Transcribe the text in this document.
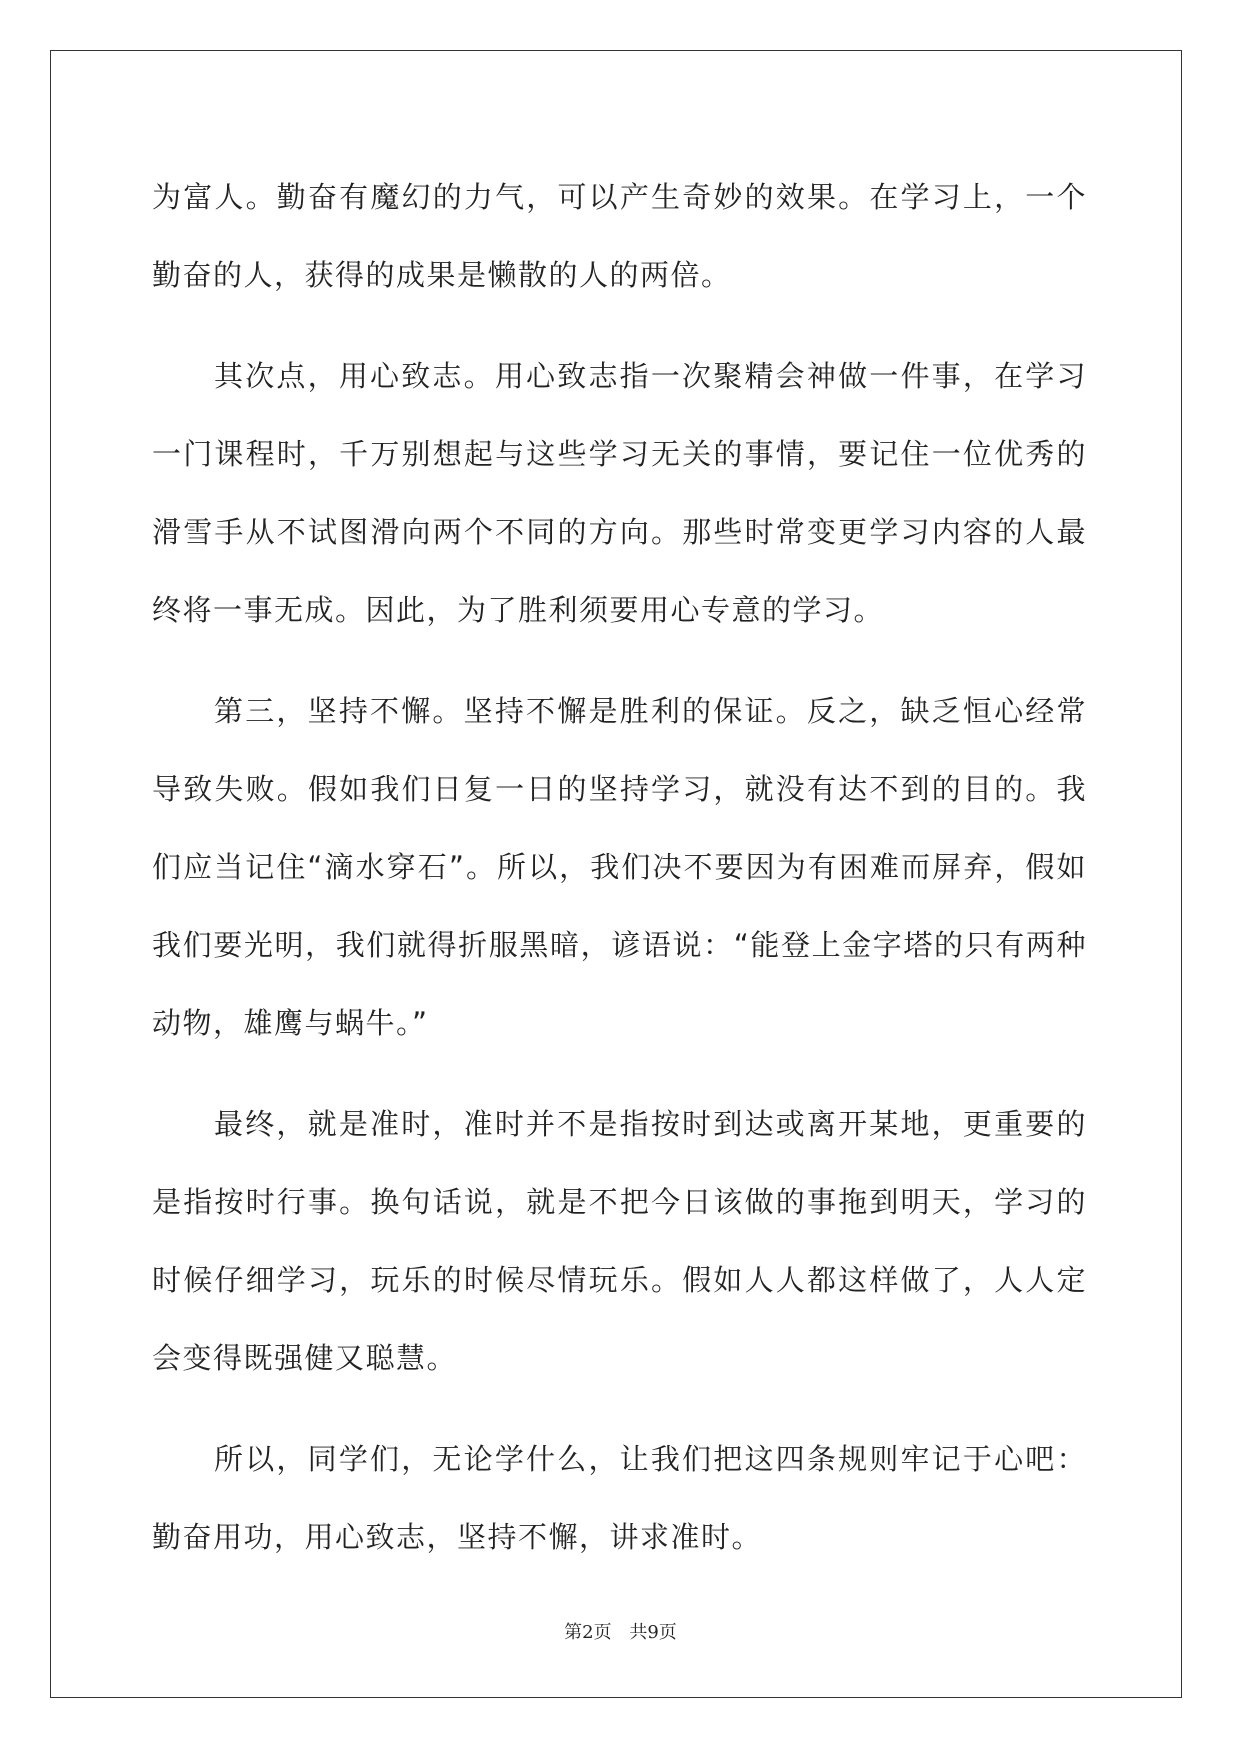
为富人。勤奋有魔幻的力气，可以产生奇妙的效果。在学习上，一个勤奋的人，获得的成果是懒散的人的两倍。

其次点，用心致志。用心致志指一次聚精会神做一件事，在学习一门课程时，千万别想起与这些学习无关的事情，要记住一位优秀的滑雪手从不试图滑向两个不同的方向。那些时常变更学习内容的人最终将一事无成。因此，为了胜利须要用心专意的学习。

第三，坚持不懈。坚持不懈是胜利的保证。反之，缺乏恒心经常导致失败。假如我们日复一日的坚持学习，就没有达不到的目的。我们应当记住“滴水穿石”。所以，我们决不要因为有困难而屏弃，假如我们要光明，我们就得折服黑暗，谚语说：“能登上金字塔的只有两种动物，雄鹰与蜗牛。”

最终，就是准时，准时并不是指按时到达或离开某地，更重要的是指按时行事。换句话说，就是不把今日该做的事拖到明天，学习的时候仔细学习，玩乐的时候尽情玩乐。假如人人都这样做了，人人定会变得既强健又聪慧。

所以，同学们，无论学什么，让我们把这四条规则牢记于心吧：勤奋用功，用心致志，坚持不懈，讲求准时。

第2页 共9页
